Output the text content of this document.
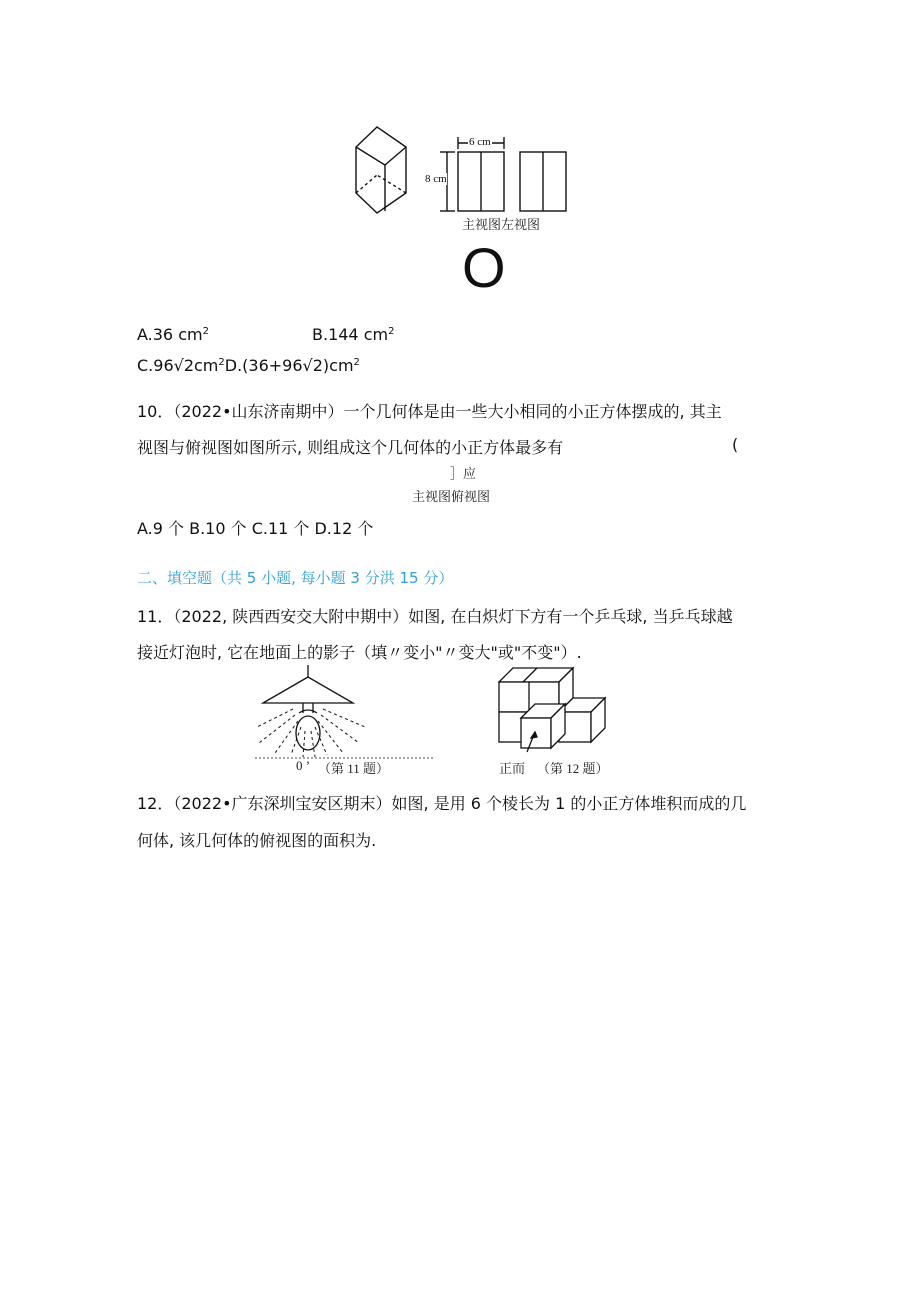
6 cm
8 cm
主视图左视图
O
A.36 $cm^2$	B.144 $cm^2$
$C.96√2cm^2D.(36+96√2)cm^2$
10．（2022•山东济南期中）一个几何体是由一些大小相同的小正方体摆成的, 其主
视图与俯视图如图所示, 则组成这个几何体的小正方体最多有	(
］应
主视图俯视图
A.9 个 B.10 个 C.11 个 D.12 个
二、填空题（共 5 小题, 每小题 3 分洪 15 分）
11．（2022, 陕西西安交大附中期中）如图, 在白炽灯下方有一个乒乓球, 当乒乓球越
接近灯泡时, 它在地面上的影子（填〃变小"〃变大"或"不变"）.
0 ’ （第 11 题）	正而 （第 12 题）
12．（2022•广东深圳宝安区期末）如图, 是用 6 个棱长为 1 的小正方体堆积而成的几
何体, 该几何体的俯视图的面积为.
